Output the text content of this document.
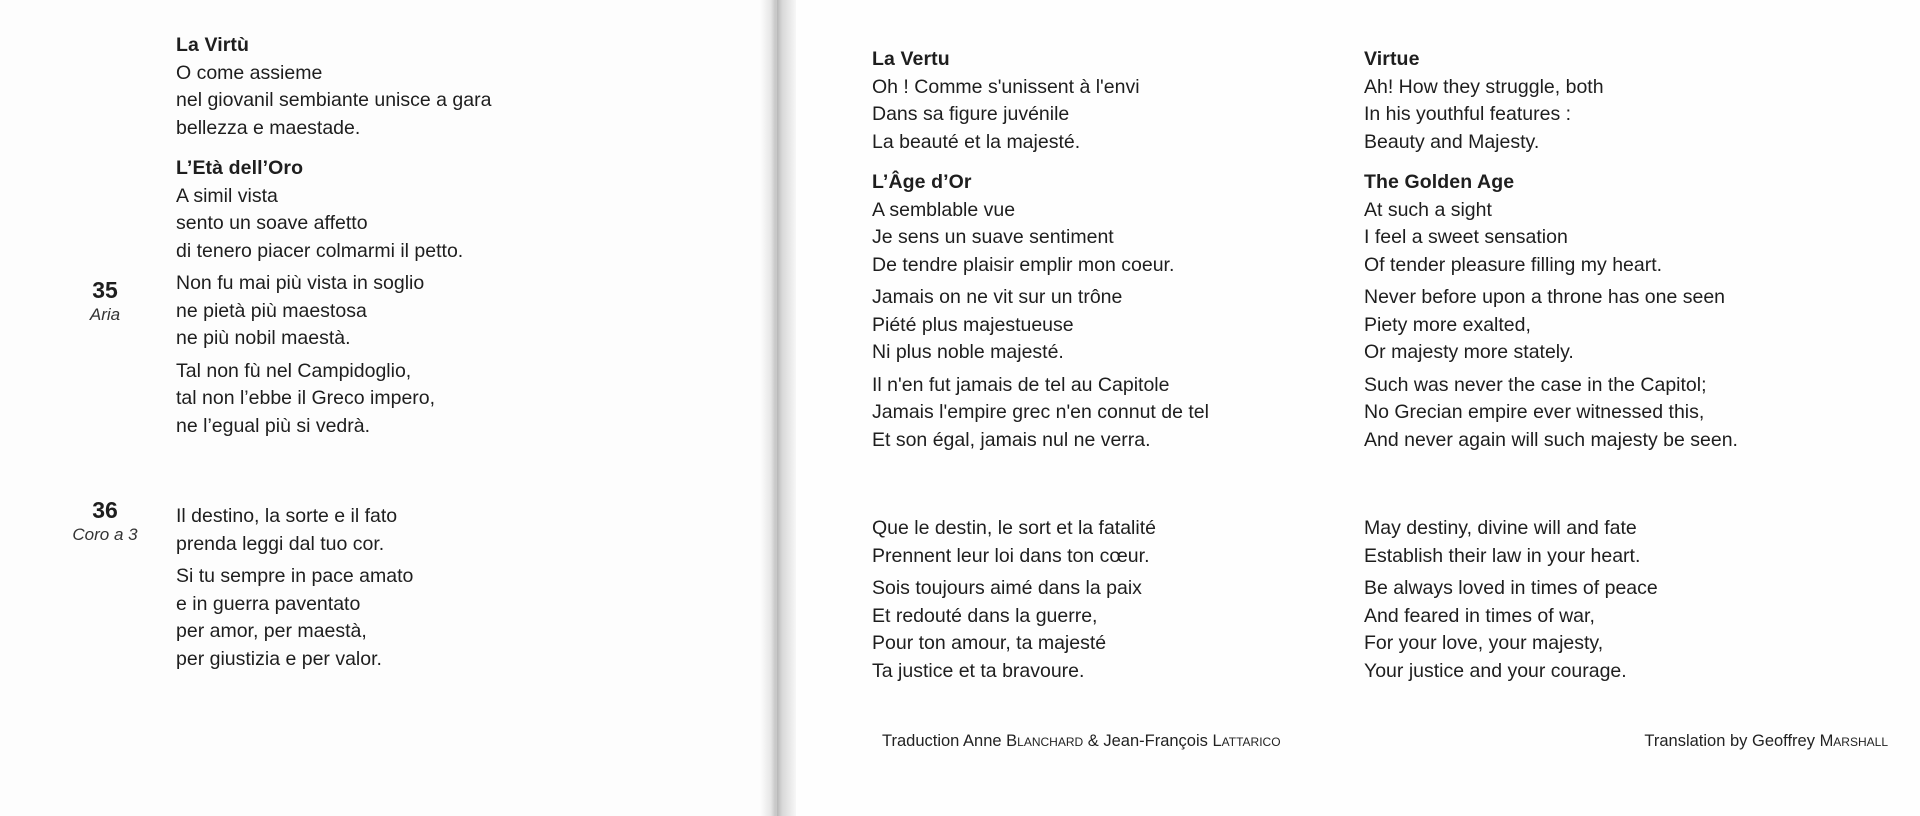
35
Aria
36
Coro a 3
La Virtù
O come assieme
nel giovanil sembiante unisce a gara
bellezza e maestade.
L’Età dell’Oro
A simil vista
sento un soave affetto
di tenero piacer colmarmi il petto.
Non fu mai più vista in soglio
ne pietà più maestosa
ne più nobil maestà.
Tal non fù nel Campidoglio,
tal non l’ebbe il Greco impero,
ne l’egual più si vedrà.
Il destino, la sorte e il fato
prenda leggi dal tuo cor.
Si tu sempre in pace amato
e in guerra paventato
per amor, per maestà,
per giustizia e per valor.
La Vertu
Oh ! Comme s'unissent à l'envi
Dans sa figure juvénile
La beauté et la majesté.
L’Âge d’Or
A semblable vue
Je sens un suave sentiment
De tendre plaisir emplir mon coeur.
Jamais on ne vit sur un trône
Piété plus majestueuse
Ni plus noble majesté.
Il n'en fut jamais de tel au Capitole
Jamais l'empire grec n'en connut de tel
Et son égal, jamais nul ne verra.
Que le destin, le sort et la fatalité
Prennent leur loi dans ton cœur.
Sois toujours aimé dans la paix
Et redouté dans la guerre,
Pour ton amour, ta majesté
Ta justice et ta bravoure.
Virtue
Ah! How they struggle, both
In his youthful features :
Beauty and Majesty.
The Golden Age
At such a sight
I feel a sweet sensation
Of tender pleasure filling my heart.
Never before upon a throne has one seen
Piety more exalted,
Or majesty more stately.
Such was never the case in the Capitol;
No Grecian empire ever witnessed this,
And never again will such majesty be seen.
May destiny, divine will and fate
Establish their law in your heart.
Be always loved in times of peace
And feared in times of war,
For your love, your majesty,
Your justice and your courage.
Traduction Anne Blanchard & Jean-François Lattarico	Translation by Geoffrey Marshall
